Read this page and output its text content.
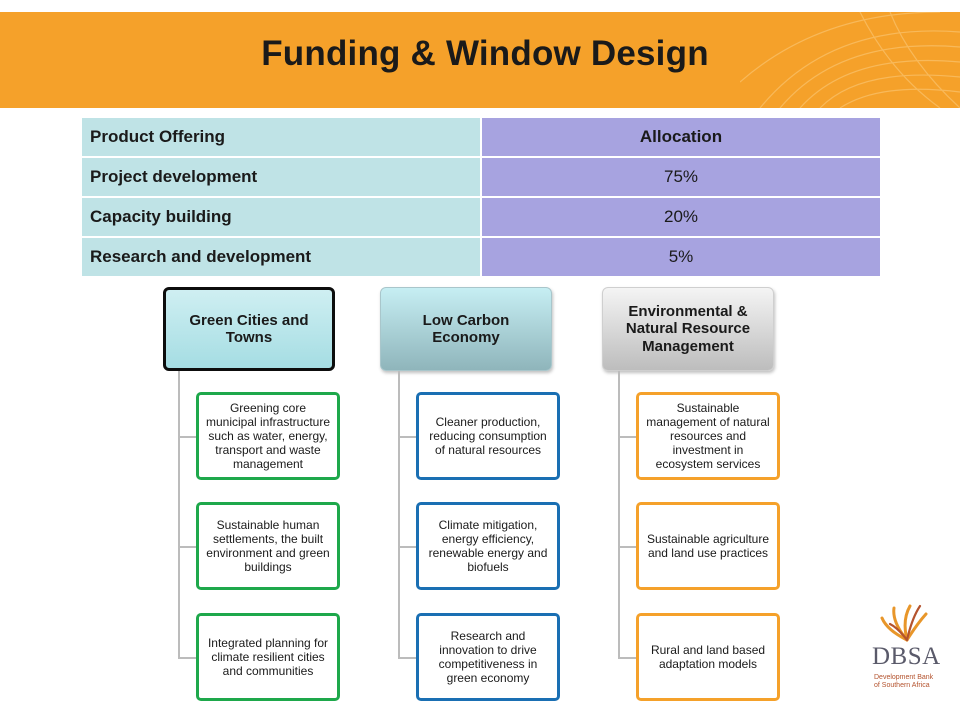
Funding & Window Design
Product Offering	Allocation
Project development	75%
Capacity building	20%
Research and development	5%
Green Cities and Towns
Greening core municipal infrastructure such as water, energy, transport and waste management
Sustainable human settlements, the built environment and green buildings
Integrated planning for climate resilient cities and communities
Low Carbon Economy
Cleaner production, reducing consumption of natural resources
Climate mitigation, energy efficiency, renewable energy and biofuels
Research and innovation to drive competitiveness in green economy
Environmental & Natural Resource Management
Sustainable management of natural resources and investment in ecosystem services
Sustainable agriculture and land use practices
Rural and land based adaptation models	DBSA
Development Bank
of Southern Africa
